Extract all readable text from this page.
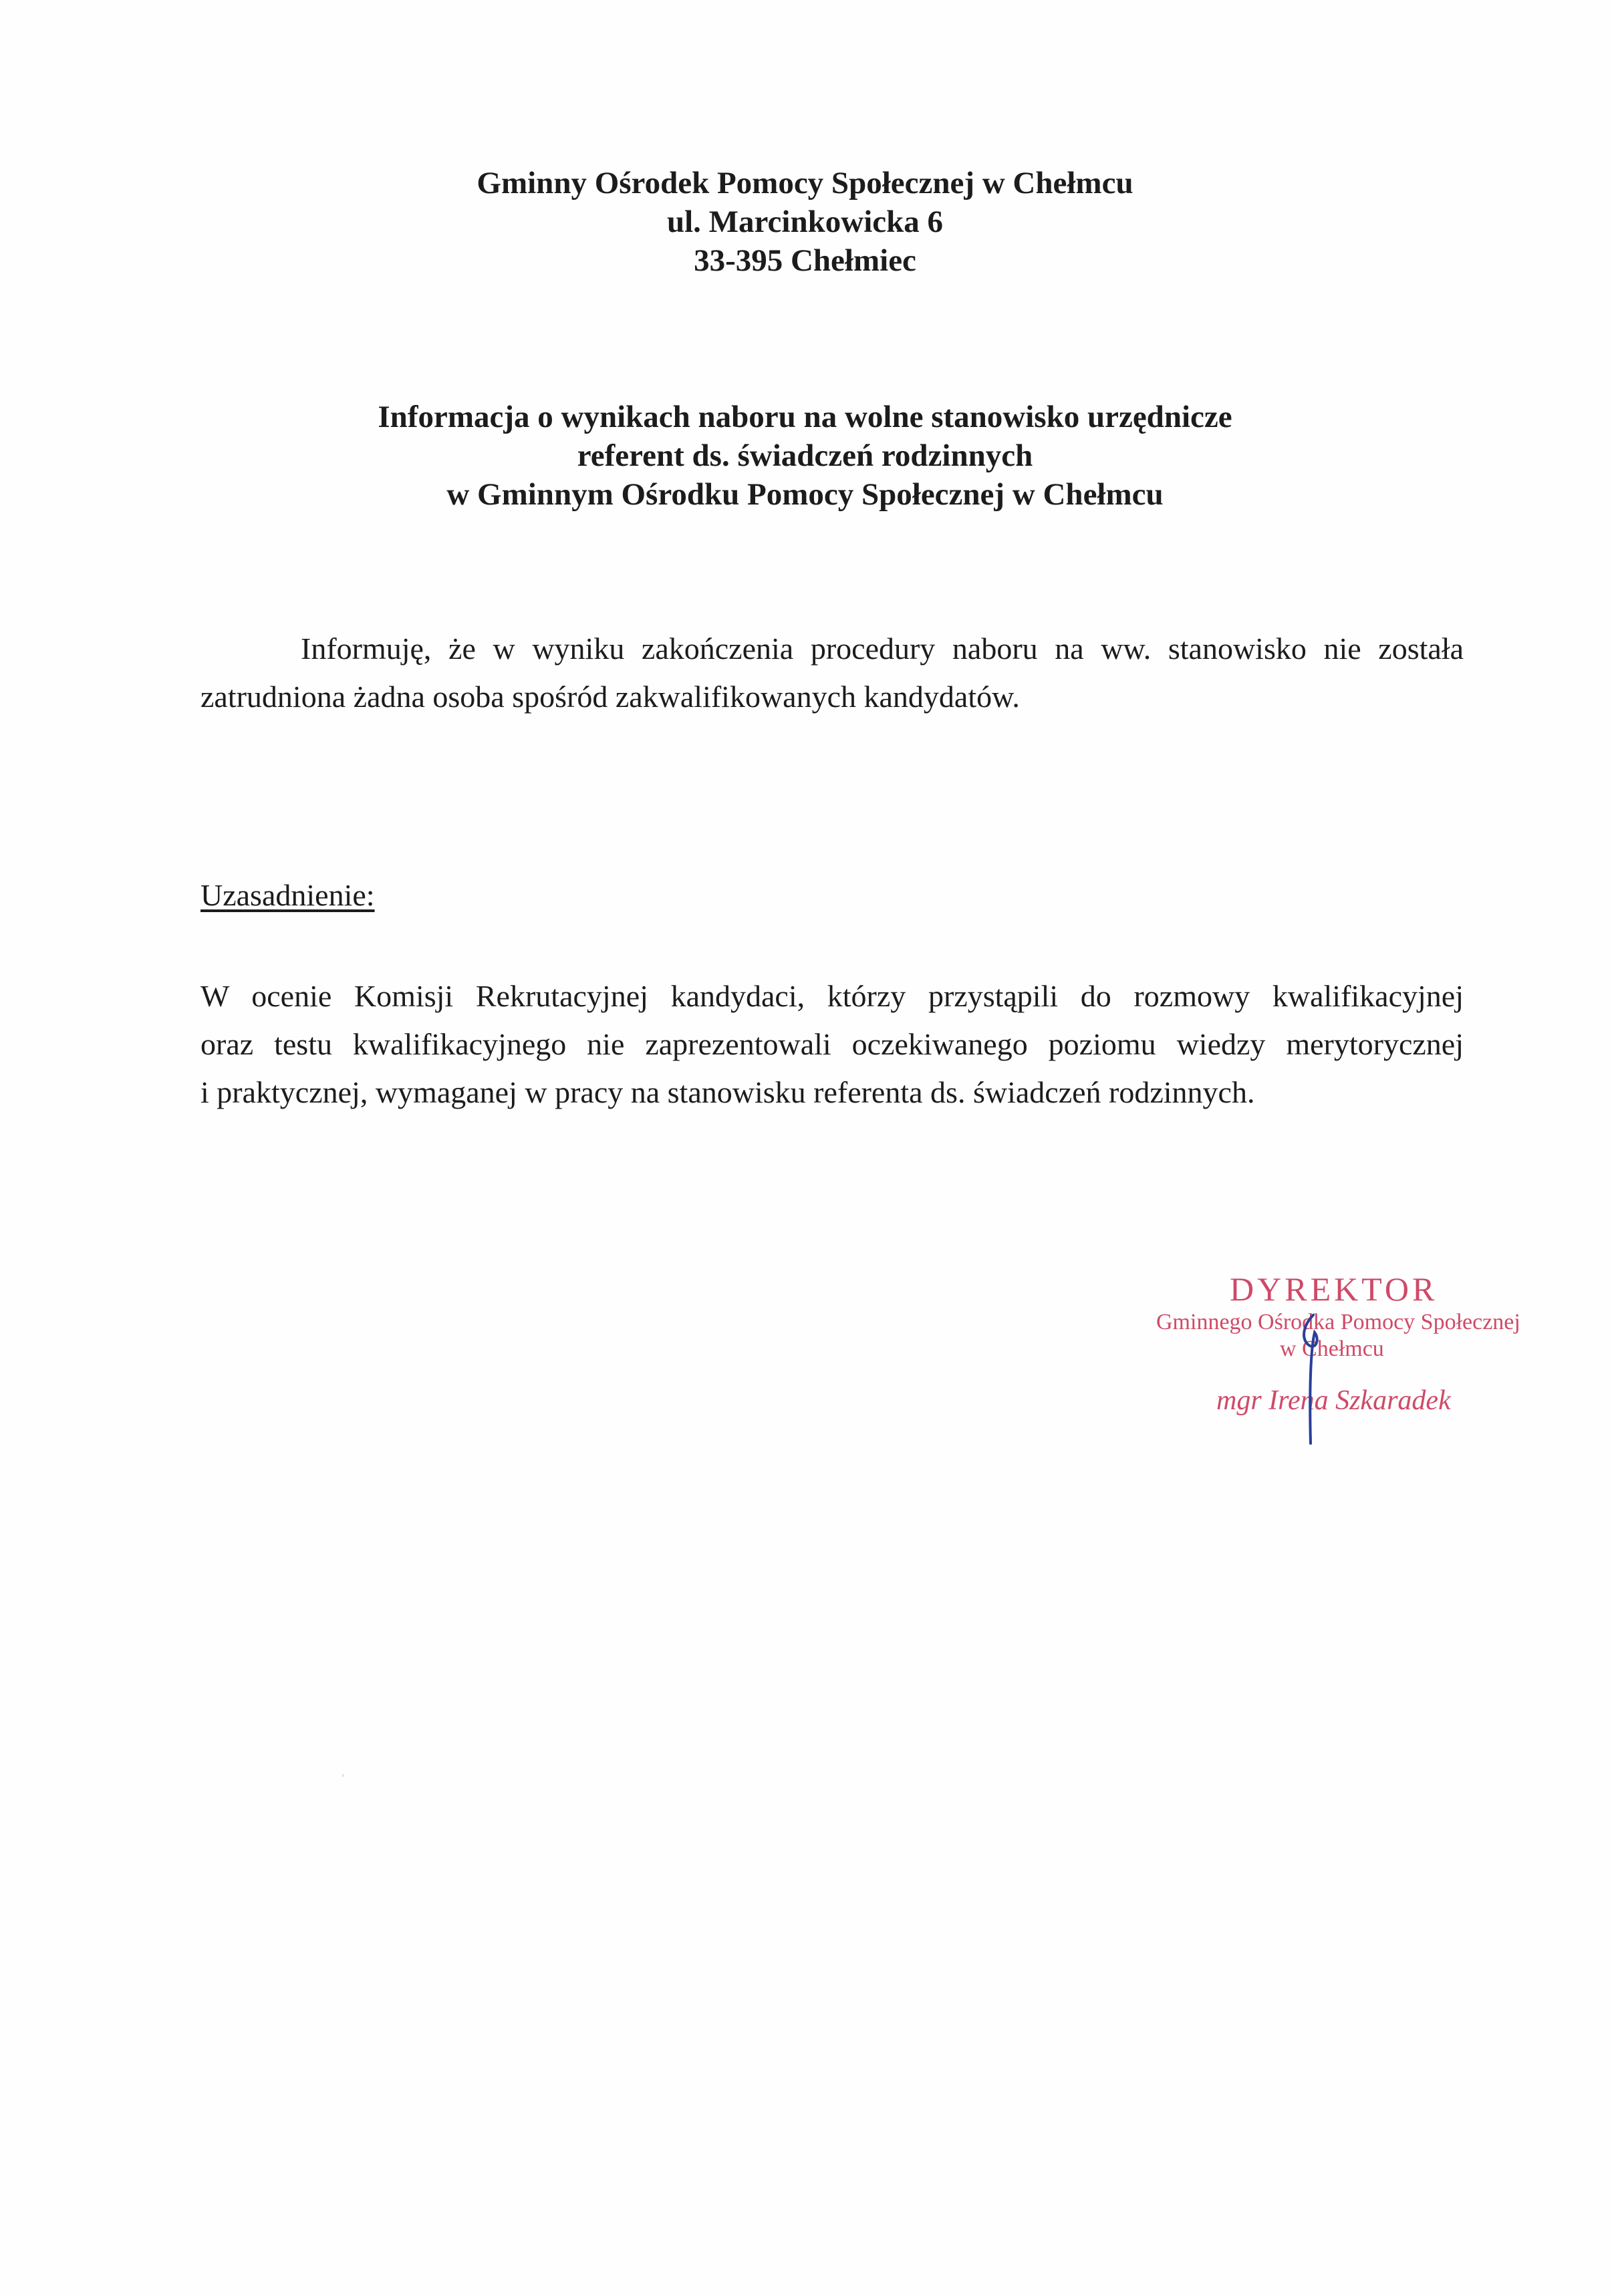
Gminny Ośrodek Pomocy Społecznej w Chełmcu
ul. Marcinkowicka 6
33-395 Chełmiec
Informacja o wynikach naboru na wolne stanowisko urzędnicze
referent ds. świadczeń rodzinnych
w Gminnym Ośrodku Pomocy Społecznej w Chełmcu
Informuję, że w wyniku zakończenia procedury naboru na ww. stanowisko nie została
zatrudniona żadna osoba spośród zakwalifikowanych kandydatów.
Uzasadnienie:
W ocenie Komisji Rekrutacyjnej kandydaci, którzy przystąpili do rozmowy kwalifikacyjnej
oraz testu kwalifikacyjnego nie zaprezentowali oczekiwanego poziomu wiedzy merytorycznej
i praktycznej, wymaganej w pracy na stanowisku referenta ds. świadczeń rodzinnych.
DYREKTOR
Gminnego Ośrodka Pomocy Społecznej
w Chełmcu
mgr Irena Szkaradek
